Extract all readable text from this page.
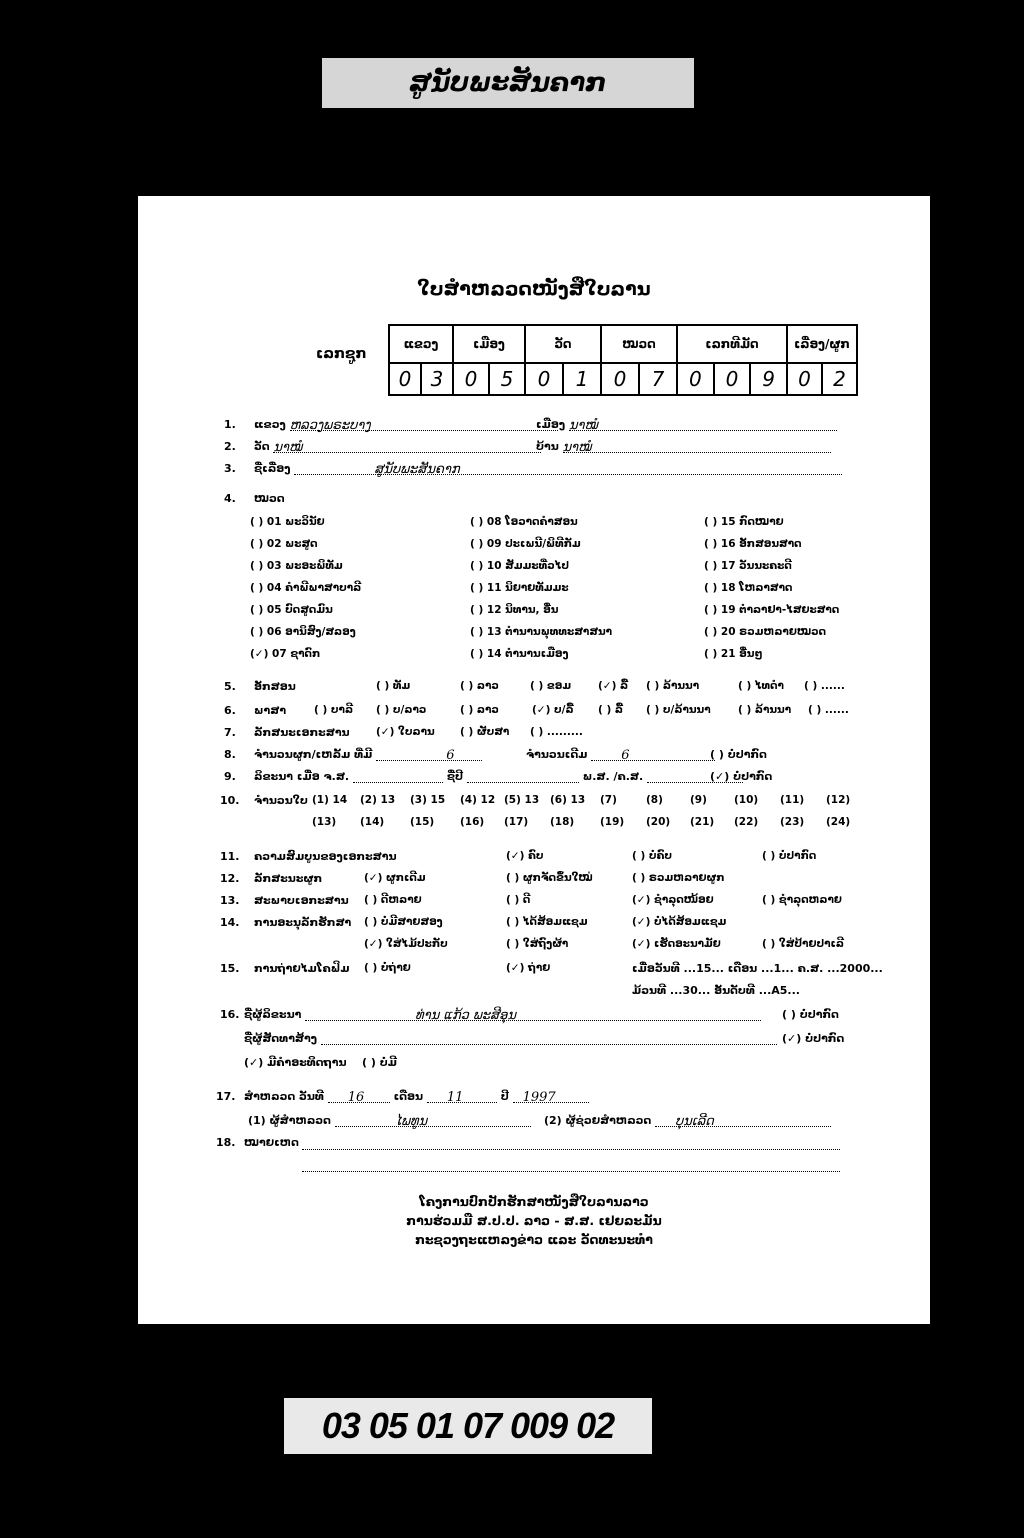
ສູນັບພະສັນຄາກ
ໃບສຳຫລວດໜັງສືໃບລານ
ເລກຊູກ
ແຂວງ		ເມືອງ		ວັດ		ໝວດ		ເລກທີມັດ			ເລື່ອງ/ຜູກ	
0	3	0	5	0	1	0	7	0	0	9	0	2
1. ແຂວງ ຫລວງພຣະບາງ	ເມືອງ ນາໝໍ
2. ວັດ ນາໝໍ	ບ້ານ ນາໝໍ
3. ຊື່ເລື່ອງ	ສູນັບພະສັນຄາກ
4. ໝວດ
( ) 01 ພະວິນັຍ	( ) 08 ໂອວາດຄຳສອນ	( ) 15 ກົດໝາຍ
( ) 02 ພະສູດ	( ) 09 ປະເພນີ/ພິທີກັມ	( ) 16 ອັກສອນສາດ
( ) 03 ພະອະພິທັມ	( ) 10 ສັມມະທີ່ວໄປ	( ) 17 ວັນນະຄະດີ
( ) 04 ຄຳພີພາສາບາລີ	( ) 11 ນິຍາຍທັມມະ	( ) 18 ໂຫລາສາດ
( ) 05 ບົດສູດມົນ	( ) 12 ນິທານ, ອື່ນ	( ) 19 ຕຳລາຢາ-ໄສຍະສາດ
( ) 06 ອານິສົງ/ສລອງ	( ) 13 ຕຳນານພຸທທະສາສນາ	( ) 20 ຣວມຫລາຍໝວດ
(✓) 07 ຊາດົກ	( ) 14 ຕຳນານເມືອງ	( ) 21 ອື່ນໆ
5. ອັກສອນ	( ) ທັມ	( ) ລາວ	( ) ຂອມ	(✓) ລື້ ( ) ລ້ານນາ	( ) ໄທດຳ ( ) ......
6. ພາສາ	( ) ບາລີ ( ) ບ/ລາວ	( ) ລາວ	(✓) ບ/ລື້ ( ) ລື້ ( ) ບ/ລ້ານນາ	( ) ລ້ານນາ ( ) ......
7. ລັກສນະເອກະສານ	(✓) ໃບລານ ( ) ຜັບສາ ( ) .........
8. ຈຳນວນຜູກ/ເຫລັ້ມ ທີ່ມີ	6	ຈຳນວນເດີມ	6	( ) ບໍ່ປາກົດ
9. ລິຂະນາ ເມື່ອ ຈ.ສ.	ຊື່ປີ	ພ.ສ. /ຄ.ສ.	(✓) ບໍ່ປາກົດ
10. ຈຳນວນໃບ (1) 14 (2) 13 (3) 15 (4) 12 (5) 13 (6) 13 (7)	(8)	(9)	(10) (11) (12)
(13) (14) (15) (16) (17) (18) (19) (20) (21) (22) (23) (24)
11. ຄວາມສົມບູນຂອງເອກະສານ	(✓) ຄົບ	( ) ບໍ່ຄົບ	( ) ບໍ່ປາກົດ
12. ລັກສະນະຜູກ	(✓) ຜູກເດີມ	( ) ຜູກຈັດຂຶ້ນໃໝ່	( ) ຣວມຫລາຍຜູກ
13. ສະພາບເອກະສານ ( ) ດີຫລາຍ	( ) ດີ	(✓) ຊຳລຸດໜ້ອຍ	( ) ຊຳລຸດຫລາຍ
14. ການອະນຸລັກຮັກສາ ( ) ບໍ່ມີສາຍສອງ	( ) ໄດ້ສ້ອມແຊມ	(✓) ບໍ່ໄດ້ສ້ອມແຊມ
(✓) ໃສ່ໄມ້ປະກັບ	( ) ໃສ່ຖົງຜ້າ	(✓) ເຮັດອະນາມັຍ	( ) ໃສ່ປ້າຍປາເລີ
15. ການຖ່າຍໄມໂຄຟິມ ( ) ບໍ່ຖ່າຍ	(✓) ຖ່າຍ	ເມື່ອວັນທີ ...15... ເດືອນ ...1... ຄ.ສ. ...2000...
ມ້ວນທີ ...30... ອັນດັບທີ ...A5...
16. ຊື່ຜູ້ລິຂະນາ	ທ່ານ ແກ້ວ ພະສີອຸນ	( ) ບໍ່ປາກົດ
ຊື່ຜູ້ສັດທາສ້າງ	(✓) ບໍ່ປາກົດ
(✓) ມີຄຳອະທິດຖານ ( ) ບໍ່ມີ
17. ສຳຫລວດ ວັນທີ 16	ເດືອນ 11	ປີ 1997
(1) ຜູ້ສຳຫລວດ	ໄພທູນ	(2) ຜູ້ຊ່ວຍສຳຫລວດ ບຸນເລີດ
18. ໝາຍເຫດ
ໂຄງການປົກປັກຮັກສາໜັງສືໃບລານລາວ
ການຮ່ວມມື ສ.ປ.ປ. ລາວ - ສ.ສ. ເຢຍລະມັນ
ກະຊວງຖະແຫລງຂ່າວ ແລະ ວັດທະນະທຳ
03 05 01 07 009 02
